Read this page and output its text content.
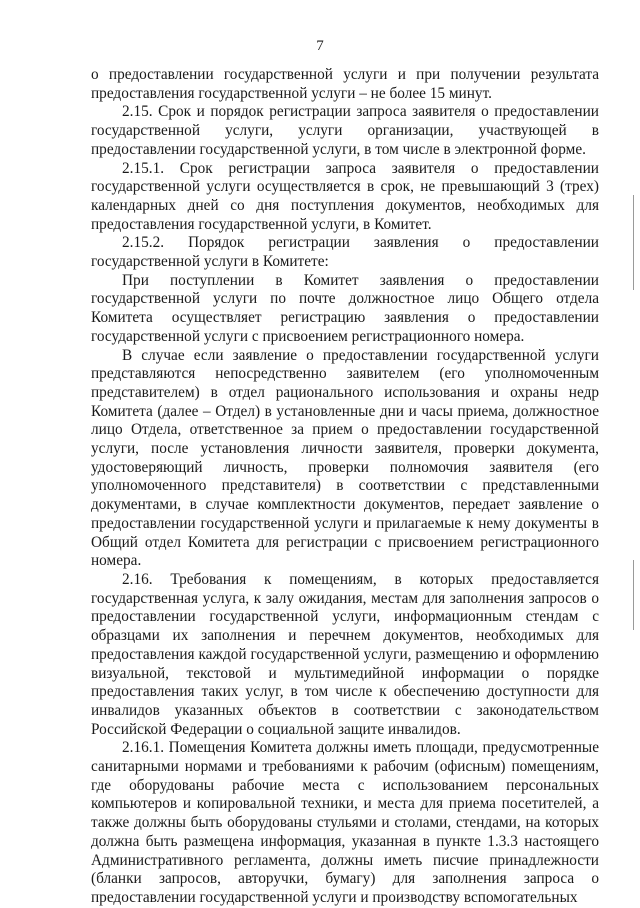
7

о предоставлении государственной услуги и при получении результата предоставления государственной услуги – не более 15 минут.

2.15. Срок и порядок регистрации запроса заявителя о предоставлении государственной услуги, услуги организации, участвующей в предоставлении государственной услуги, в том числе в электронной форме.

2.15.1. Срок регистрации запроса заявителя о предоставлении государственной услуги осуществляется в срок, не превышающий 3 (трех) календарных дней со дня поступления документов, необходимых для предоставления государственной услуги, в Комитет.

2.15.2. Порядок регистрации заявления о предоставлении государственной услуги в Комитете:

При поступлении в Комитет заявления о предоставлении государственной услуги по почте должностное лицо Общего отдела Комитета осуществляет регистрацию заявления о предоставлении государственной услуги с присвоением регистрационного номера.

В случае если заявление о предоставлении государственной услуги представляются непосредственно заявителем (его уполномоченным представителем) в отдел рационального использования и охраны недр Комитета (далее – Отдел) в установленные дни и часы приема, должностное лицо Отдела, ответственное за прием о предоставлении государственной услуги, после установления личности заявителя, проверки документа, удостоверяющий личность, проверки полномочия заявителя (его уполномоченного представителя) в соответствии с представленными документами, в случае комплектности документов, передает заявление о предоставлении государственной услуги и прилагаемые к нему документы в Общий отдел Комитета для регистрации с присвоением регистрационного номера.

2.16. Требования к помещениям, в которых предоставляется государственная услуга, к залу ожидания, местам для заполнения запросов о предоставлении государственной услуги, информационным стендам с образцами их заполнения и перечнем документов, необходимых для предоставления каждой государственной услуги, размещению и оформлению визуальной, текстовой и мультимедийной информации о порядке предоставления таких услуг, в том числе к обеспечению доступности для инвалидов указанных объектов в соответствии с законодательством Российской Федерации о социальной защите инвалидов.

2.16.1. Помещения Комитета должны иметь площади, предусмотренные санитарными нормами и требованиями к рабочим (офисным) помещениям, где оборудованы рабочие места с использованием персональных компьютеров и копировальной техники, и места для приема посетителей, а также должны быть оборудованы стульями и столами, стендами, на которых должна быть размещена информация, указанная в пункте 1.3.3 настоящего Административного регламента, должны иметь писчие принадлежности (бланки запросов, авторучки, бумагу) для заполнения запроса о предоставлении государственной услуги и производству вспомогательных
